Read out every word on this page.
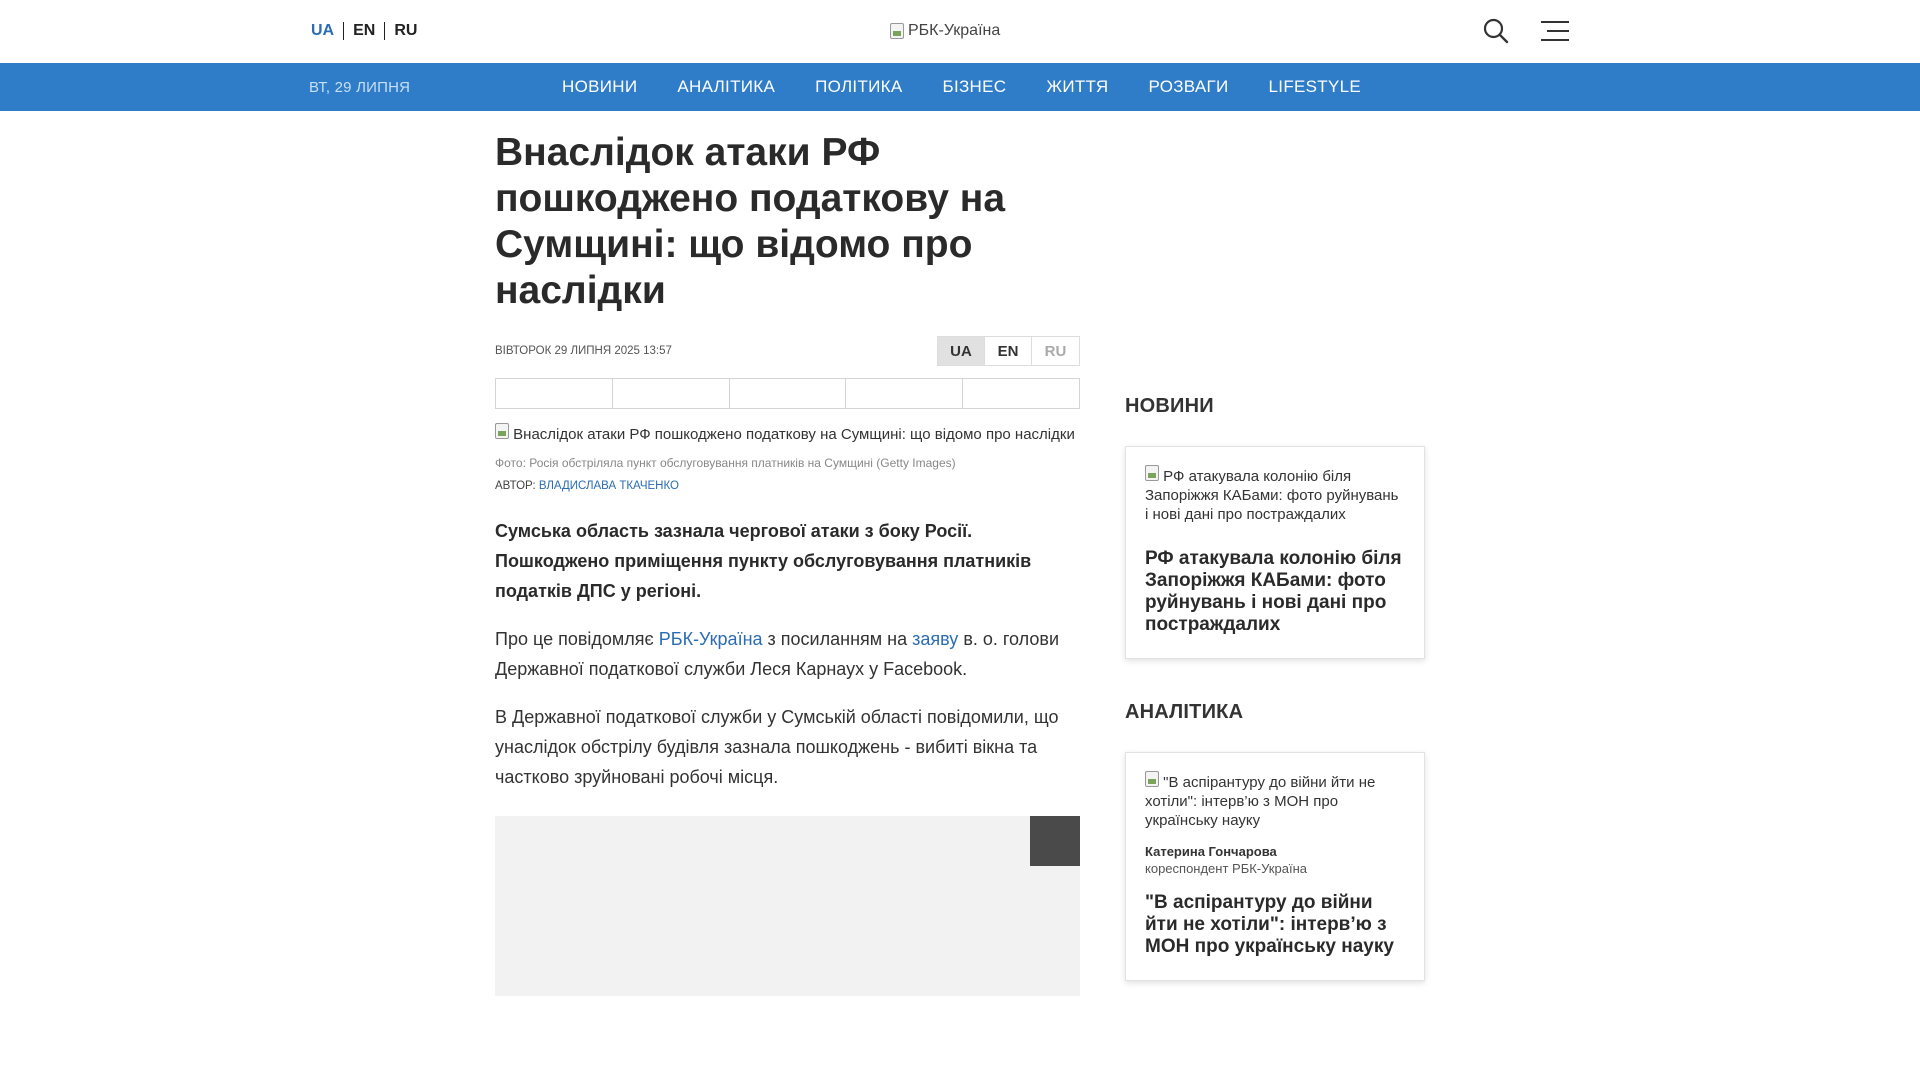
UA	EN	RU	РБК-Україна
ВТ, 29 ЛИПНЯ	НОВИНИ АНАЛІТИКА ПОЛІТИКА БІЗНЕС ЖИТТЯ РОЗВАГИ LIFESTYLE
Внаслідок атаки РФ пошкоджено податкову на Сумщині: що відомо про наслідки
ВІВТОРОК 29 ЛИПНЯ 2025 13:57	UA	EN	RU
Внаслідок атаки РФ пошкоджено податкову на Сумщині: що відомо про наслідки
Фото: Росія обстріляла пункт обслуговування платників на Сумщині (Getty Images)
АВТОР: ВЛАДИСЛАВА ТКАЧЕНКО

Сумська область зазнала чергової атаки з боку Росії. Пошкоджено приміщення пункту обслуговування платників податків ДПС у регіоні.

Про це повідомляє РБК-Україна з посиланням на заяву в. о. голови Державної податкової служби Леся Карнаух у Facebook.

В Державної податкової служби у Сумській області повідомили, що унаслідок обстрілу будівля зазнала пошкоджень - вибиті вікна та частково зруйновані робочі місця.

НОВИНИ
РФ атакувала колонію біля Запоріжжя КАБами: фото руйнувань і нові дані про постраждалих
РФ атакувала колонію біля Запоріжжя КАБами: фото руйнувань і нові дані про постраждалих
АНАЛІТИКА
"В аспірантуру до війни йти не хотіли": інтерв’ю з МОН про українську науку
Катерина Гончарова
кореспондент РБК-Україна
"В аспірантуру до війни йти не хотіли": інтерв’ю з МОН про українську науку
